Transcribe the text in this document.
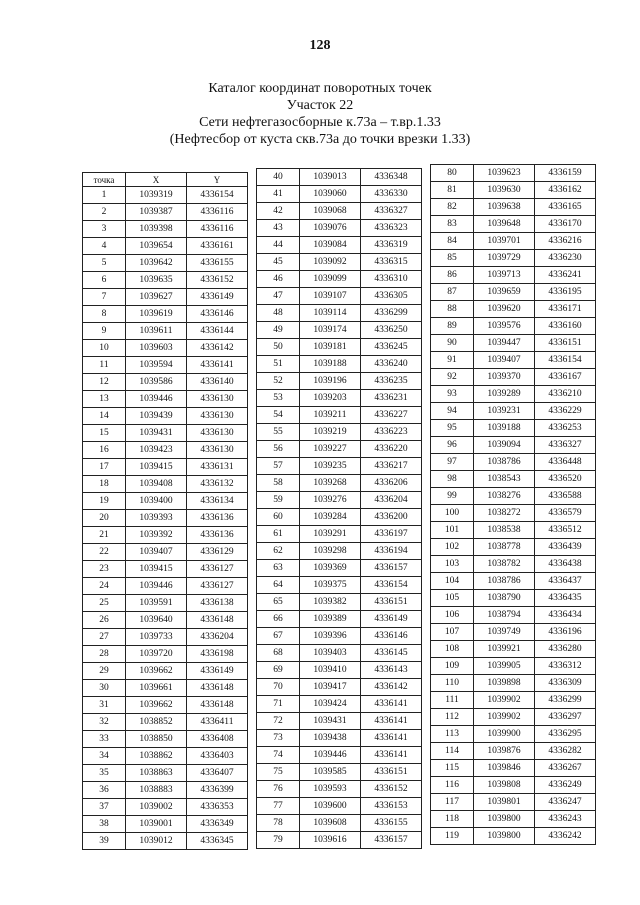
128
Каталог координат поворотных точек
Участок 22
Сети нефтегазосборные к.73а – т.вр.1.33
(Нефтесбор от куста скв.73а до точки врезки 1.33)
точка	X	Y
1	1039319	4336154
2	1039387	4336116
3	1039398	4336116
4	1039654	4336161
5	1039642	4336155
6	1039635	4336152
7	1039627	4336149
8	1039619	4336146
9	1039611	4336144
10	1039603	4336142
11	1039594	4336141
12	1039586	4336140
13	1039446	4336130
14	1039439	4336130
15	1039431	4336130
16	1039423	4336130
17	1039415	4336131
18	1039408	4336132
19	1039400	4336134
20	1039393	4336136
21	1039392	4336136
22	1039407	4336129
23	1039415	4336127
24	1039446	4336127
25	1039591	4336138
26	1039640	4336148
27	1039733	4336204
28	1039720	4336198
29	1039662	4336149
30	1039661	4336148
31	1039662	4336148
32	1038852	4336411
33	1038850	4336408
34	1038862	4336403
35	1038863	4336407
36	1038883	4336399
37	1039002	4336353
38	1039001	4336349
39	1039012	4336345
40	1039013	4336348
41	1039060	4336330
42	1039068	4336327
43	1039076	4336323
44	1039084	4336319
45	1039092	4336315
46	1039099	4336310
47	1039107	4336305
48	1039114	4336299
49	1039174	4336250
50	1039181	4336245
51	1039188	4336240
52	1039196	4336235
53	1039203	4336231
54	1039211	4336227
55	1039219	4336223
56	1039227	4336220
57	1039235	4336217
58	1039268	4336206
59	1039276	4336204
60	1039284	4336200
61	1039291	4336197
62	1039298	4336194
63	1039369	4336157
64	1039375	4336154
65	1039382	4336151
66	1039389	4336149
67	1039396	4336146
68	1039403	4336145
69	1039410	4336143
70	1039417	4336142
71	1039424	4336141
72	1039431	4336141
73	1039438	4336141
74	1039446	4336141
75	1039585	4336151
76	1039593	4336152
77	1039600	4336153
78	1039608	4336155
79	1039616	4336157
80	1039623	4336159
81	1039630	4336162
82	1039638	4336165
83	1039648	4336170
84	1039701	4336216
85	1039729	4336230
86	1039713	4336241
87	1039659	4336195
88	1039620	4336171
89	1039576	4336160
90	1039447	4336151
91	1039407	4336154
92	1039370	4336167
93	1039289	4336210
94	1039231	4336229
95	1039188	4336253
96	1039094	4336327
97	1038786	4336448
98	1038543	4336520
99	1038276	4336588
100	1038272	4336579
101	1038538	4336512
102	1038778	4336439
103	1038782	4336438
104	1038786	4336437
105	1038790	4336435
106	1038794	4336434
107	1039749	4336196
108	1039921	4336280
109	1039905	4336312
110	1039898	4336309
111	1039902	4336299
112	1039902	4336297
113	1039900	4336295
114	1039876	4336282
115	1039846	4336267
116	1039808	4336249
117	1039801	4336247
118	1039800	4336243
119	1039800	4336242
